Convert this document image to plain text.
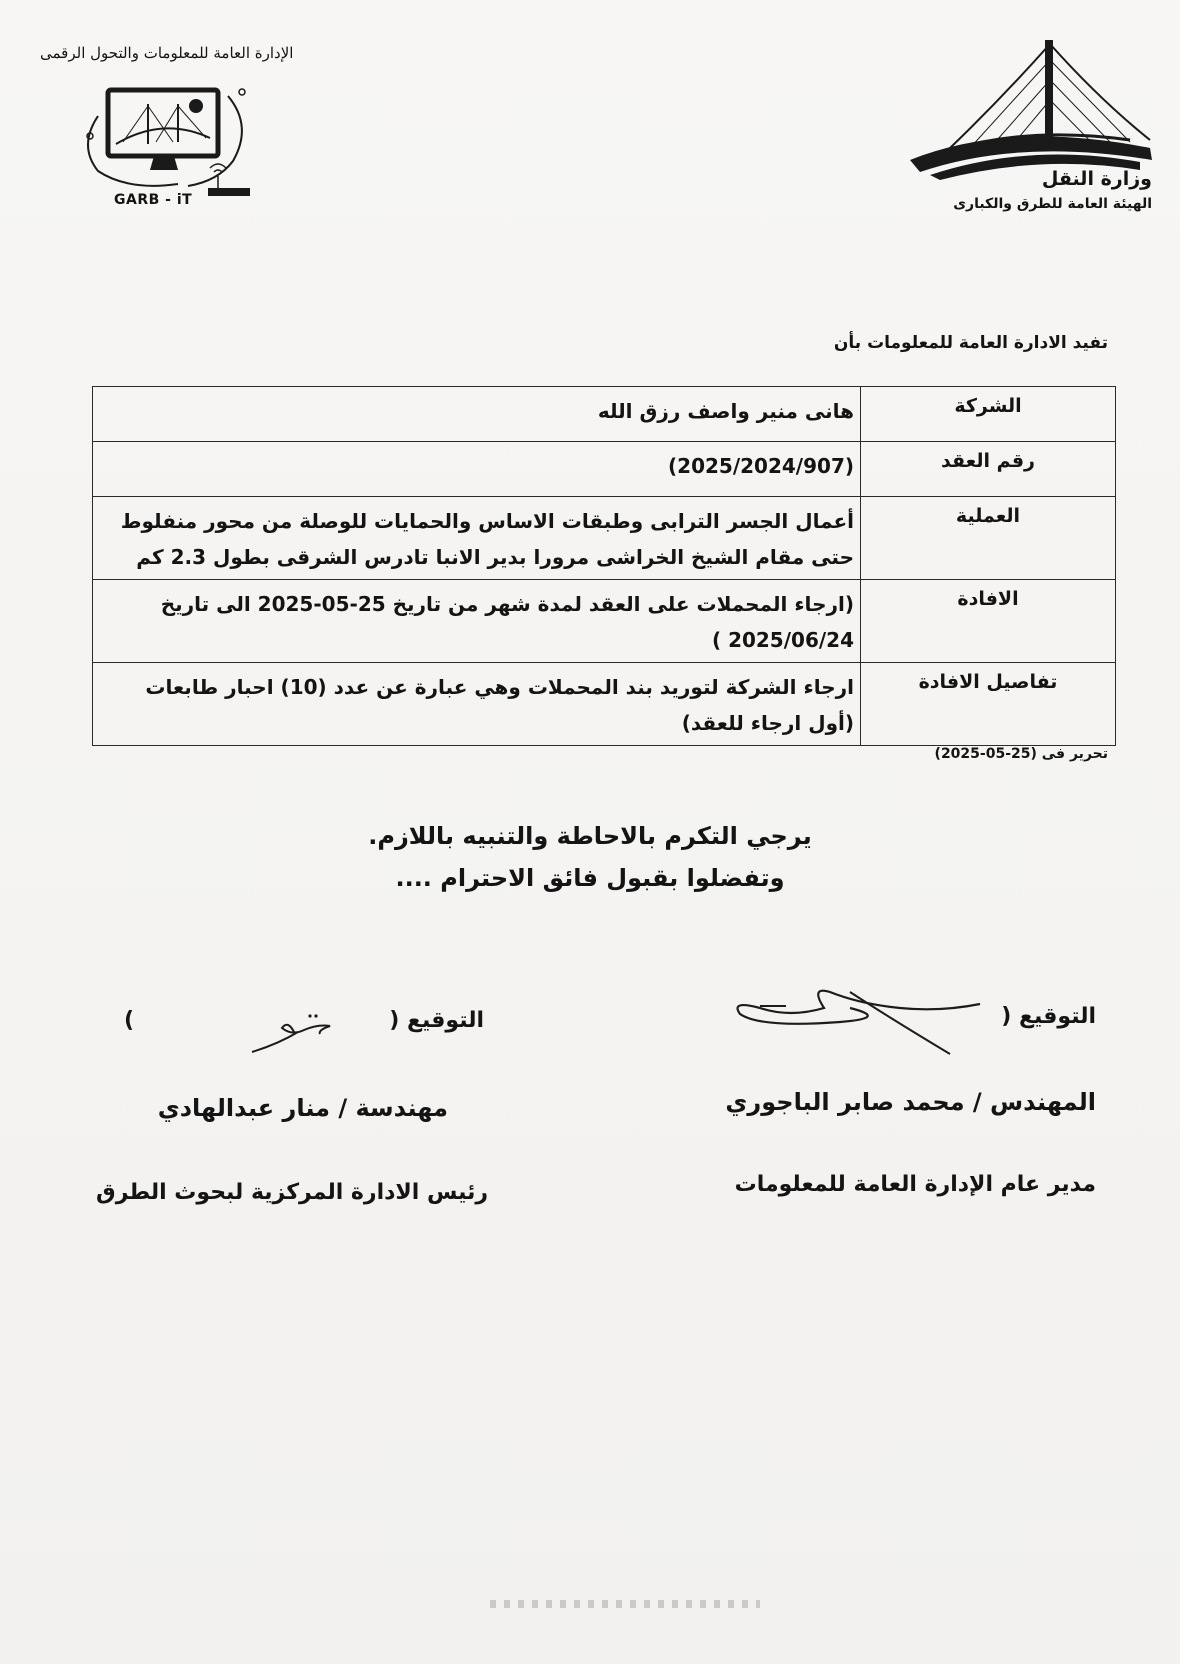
وزارة النقل
الهيئة العامة للطرق والكبارى
الإدارة العامة للمعلومات والتحول الرقمى
GARB - iT
تفيد الادارة العامة للمعلومات بأن
الشركة	هانى منير واصف رزق الله
رقم العقد	(2025/2024/907)
العملية	أعمال الجسر الترابى وطبقات الاساس والحمايات للوصلة من محور منفلوط حتى مقام الشيخ الخراشى مرورا بدير الانبا تادرس الشرقى بطول 2.3 كم
الافادة	(ارجاء المحملات على العقد لمدة شهر من تاريخ 25-05-2025 الى تاريخ 2025/06/24 )
تفاصيل الافادة	ارجاء الشركة لتوريد بند المحملات وهي عبارة عن عدد (10) احبار طابعات (أول ارجاء للعقد)
تحرير فى (25-05-2025)
يرجي التكرم بالاحاطة والتنبيه باللازم.
وتفضلوا بقبول فائق الاحترام ....
التوقيع (
المهندس / محمد صابر الباجوري
مدير عام الإدارة العامة للمعلومات
التوقيع (
)
مهندسة / منار عبدالهادي
رئيس الادارة المركزية لبحوث الطرق
